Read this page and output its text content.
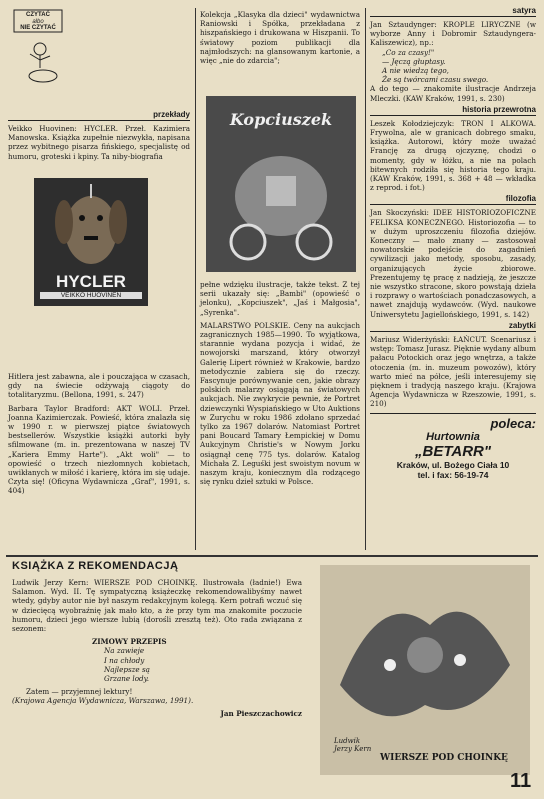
CZYTAĆ
albo
NIE CZYTAĆ
przekłady

Veikko Huovinen: HYCLER. Przeł. Kazimiera Manowska. Książka zupełnie niezwykła, napisana przez wybitnego pisarza fińskiego, specjalistę od humoru, groteski i kpiny. Ta niby-biografia

HYCLER
VEIKKO HUOVINEN

Hitlera jest zabawna, ale i pouczająca w czasach, gdy na świecie odżywają ciągoty do totalitaryzmu. (Bellona, 1991, s. 247)

Barbara Taylor Bradford: AKT WOLI. Przeł. Joanna Kazimierczak. Powieść, która znalazła się w 1990 r. w pierwszej piątce światowych bestsellerów. Wszystkie książki autorki były sfilmowane (m. in. prezentowana w naszej TV „Kariera Emmy Harte"). „Akt woli" — to opowieść o trzech niezłomnych kobietach, uwikłanych w miłość i karierę, która im się udaje. Czyta się! (Oficyna Wydawnicza „Graf", 1991, s. 404)

Kolekcja „Klasyka dla dzieci" wydawnictwa Raniowski i Spółka, przekładana z hiszpańskiego i drukowana w Hiszpanii. To światowy poziom publikacji dla najmłodszych: na glansowanym kartonie, a więc „nie do zdarcia";

Kopciuszek

pełne wdzięku ilustracje, także tekst. Z tej serii ukazały się: „Bambi" (opowieść o jelonku), „Kopciuszek", „Jaś i Małgosia", „Syrenka".

MALARSTWO POLSKIE. Ceny na aukcjach zagranicznych 1985—1990. To wyjątkowa, starannie wydana pozycja i widać, że nowojorski marszand, który otworzył Galerię Lipert również w Krakowie, bardzo metodycznie zabiera się do rzeczy. Fascynuje porównywanie cen, jakie obrazy polskich malarzy osiągają na światowych aukcjach. Nie zwykrycie pewnie, że Portret dziewczynki Wyspiańskiego w Uto Auktions w Zurychu w roku 1986 zdołano sprzedać tylko za 1967 dolarów. Natomiast Portret pani Boucard Tamary Łempickiej w Domu Aukcyjnym Christie's w Nowym Jorku osiągnął cenę 775 tys. dolarów. Katalog Michała Z. Leguśki jest swoistym novum w naszym kraju, koniecznym dla rodzącego się rynku dzieł sztuki w Polsce.

satyra

Jan Sztaudynger: KROPLE LIRYCZNE (w wyborze Anny i Dobromir Sztaudyngera-Kaliszewicz), np.:

„Co za czasy!"

— Jęczą głuptasy.

A nie wiedzą tego,

Że są twórcami czasu swego.

A do tego — znakomite ilustracje Andrzeja Mleczki. (KAW Kraków, 1991, s. 230)

historia przewrotna

Leszek Kołodziejczyk: TRON I ALKOWA. Frywolna, ale w granicach dobrego smaku, książka. Autorowi, który może uważać Francję za drugą ojczyznę, chodzi o momenty, gdy w łóżku, a nie na polach bitewnych rodziła się historia tego kraju. (KAW Kraków, 1991, s. 368 + 48 — wkładka z reprod. i fot.)

filozofia

Jan Skoczyński: IDEE HISTORIOZOFICZNE FELIKSA KONECZNEGO. Historiozofia — to w dużym uproszczeniu filozofia dziejów. Koneczny — mało znany — zastosował nowatorskie podejście do zagadnień cywilizacji jako metody, sposobu, zasady, organizujących życie zbiorowe. Prezentujemy tę pracę z nadzieją, że jeszcze nie wszystko stracone, skoro powstają dzieła i rozprawy o wartościach ponadczasowych, a nawet znajdują wydawców. (Wyd. naukowe Uniwersytetu Jagiellońskiego, 1991, s. 142)

zabytki

Mariusz Widerżyński: ŁAŃCUT. Scenariusz i wstęp: Tomasz Jurasz. Pięknie wydany album pałacu Potockich oraz jego wnętrza, a także otoczenia (m. in. muzeum powozów), który warto mieć na półce, jeśli interesujemy się pięknem i tradycją naszego kraju. (Krajowa Agencja Wydawnicza w Rzeszowie, 1991, s. 210)

poleca:
Hurtownia
„BETARR"
Kraków, ul. Bożego Ciała 10
tel. i fax: 56-19-74
KSIĄŻKA Z REKOMENDACJĄ

Ludwik Jerzy Kern: WIERSZE POD CHOINKĘ. Ilustrowała (ładnie!) Ewa Salamon. Wyd. II. Tę sympatyczną książeczkę rekomendowalibyśmy nawet wtedy, gdyby autor nie był naszym redakcyjnym kolegą. Kern potrafi wczuć się w dziecięcą wyobraźnię jak mało kto, a że przy tym ma znakomite poczucie humoru, dzieci jego wiersze lubią (dorośli zresztą też). Oto rada związana z sezonem:

ZIMOWY PRZEPIS

Na zawieje

I na chłody

Najlepsze są

Grzane lody.

Zatem — przyjemnej lektury!

(Krajowa Agencja Wydawnicza, Warszawa, 1991).

Jan Pieszczachowicz

Ludwik Jerzy Kern
WIERSZE POD CHOINKĘ
11
